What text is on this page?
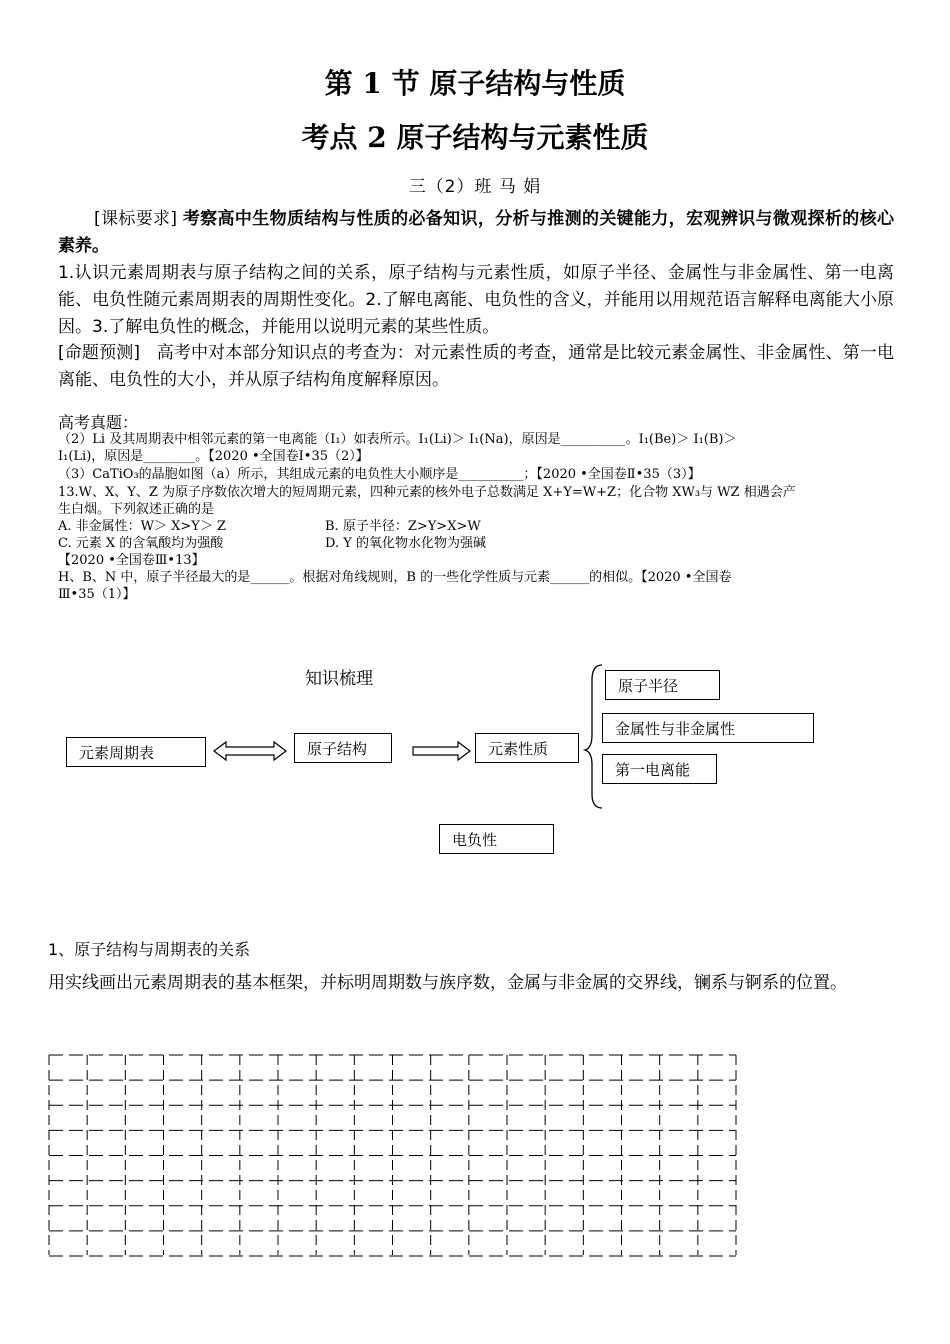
第 1 节 原子结构与性质
考点 2 原子结构与元素性质
三（2）班 马 娟
[课标要求] 考察高中生物质结构与性质的必备知识，分析与推测的关键能力，宏观辨识与微观探析的核心素养。
1.认识元素周期表与原子结构之间的关系，原子结构与元素性质，如原子半径、金属性与非金属性、第一电离能、电负性随元素周期表的周期性变化。2.了解电离能、电负性的含义，并能用以用规范语言解释电离能大小原因。3.了解电负性的概念，并能用以说明元素的某些性质。
[命题预测] 高考中对本部分知识点的考查为：对元素性质的考查，通常是比较元素金属性、非金属性、第一电离能、电负性的大小，并从原子结构角度解释原因。
高考真题：
（2）Li 及其周期表中相邻元素的第一电离能（I₁）如表所示。I₁(Li)＞ I₁(Na)，原因是__________。I₁(Be)＞ I₁(B)＞
I₁(Li)，原因是________。【2020 •全国卷Ⅰ•35（2）】
（3）CaTiO₃的晶胞如图（a）所示，其组成元素的电负性大小顺序是__________；【2020 •全国卷Ⅱ•35（3）】
13.W、X、Y、Z 为原子序数依次增大的短周期元素，四种元素的核外电子总数满足 X+Y=W+Z；化合物 XW₃与 WZ 相遇会产
生白烟。下列叙述正确的是
A. 非金属性：W＞ X>Y＞ Z	B. 原子半径：Z>Y>X>W
C. 元素 X 的含氧酸均为强酸	D. Y 的氧化物水化物为强碱
【2020 •全国卷Ⅲ•13】
H、B、N 中，原子半径最大的是______。根据对角线规则，B 的一些化学性质与元素______的相似。【2020 •全国卷
Ⅲ•35（1）】
知识梳理
元素周期表	原子结构	元素性质
原子半径
金属性与非金属性
第一电离能
电负性
1、原子结构与周期表的关系
用实线画出元素周期表的基本框架，并标明周期数与族序数，金属与非金属的交界线，镧系与锕系的位置。
